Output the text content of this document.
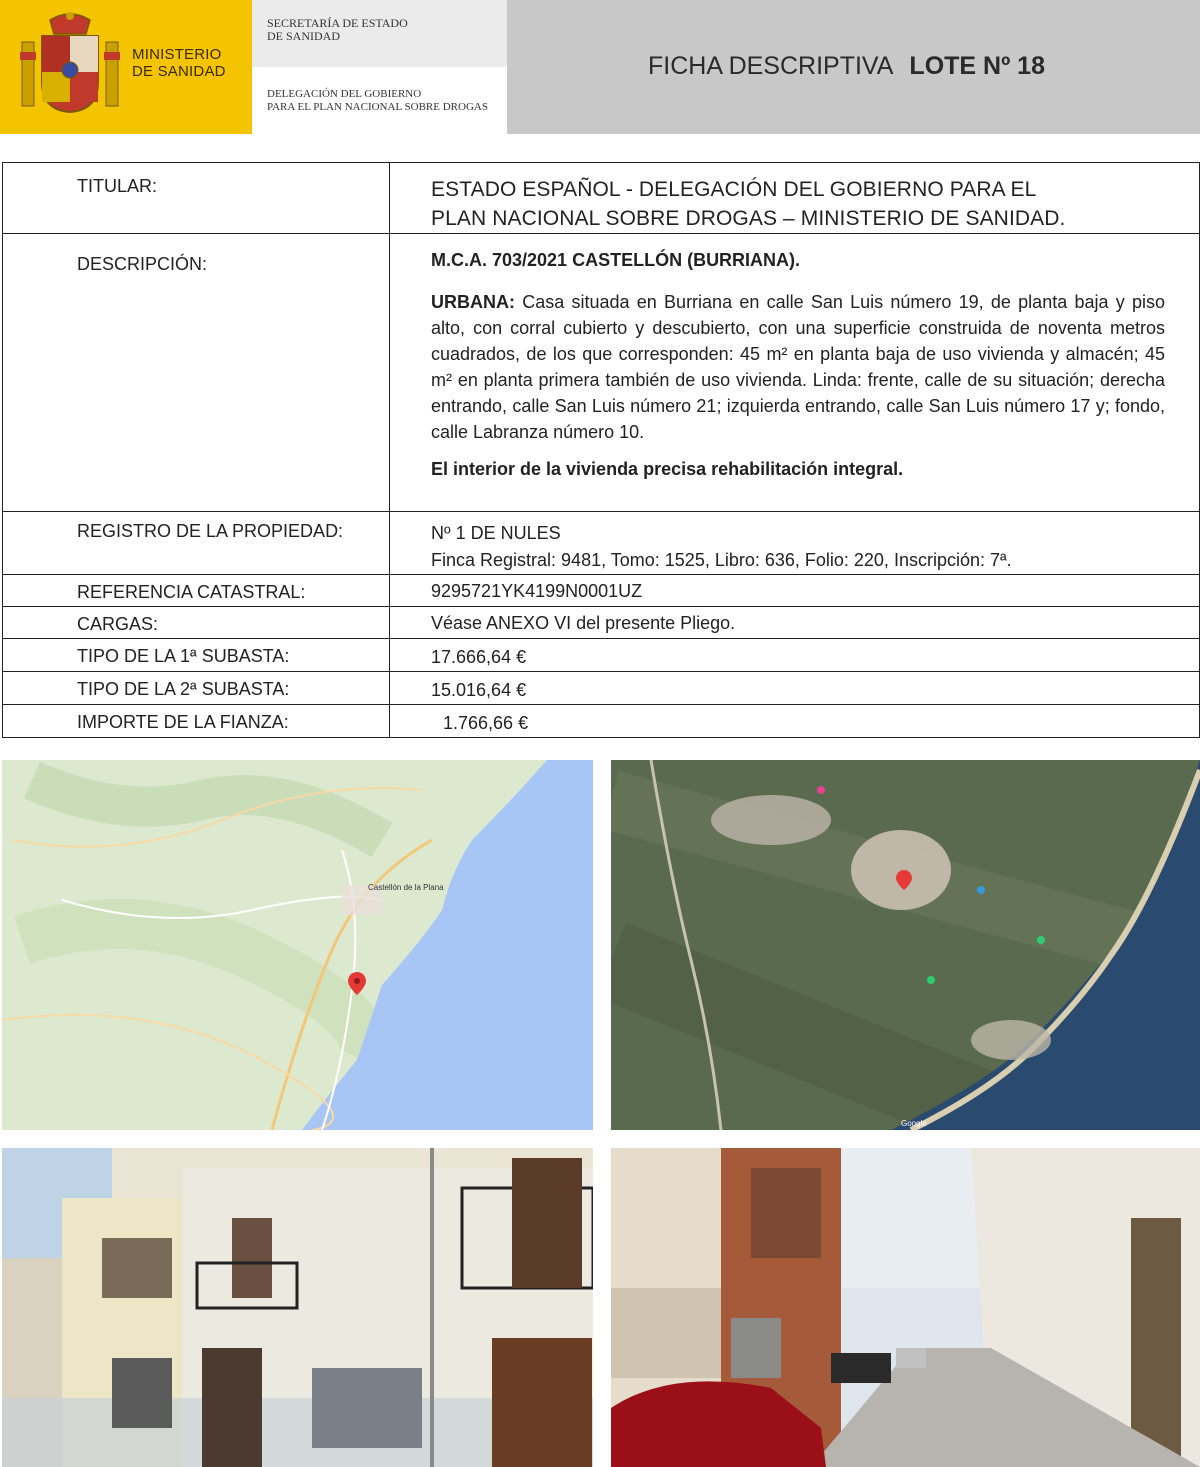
MINISTERIO
DE SANIDAD
SECRETARÍA DE ESTADO
DE SANIDAD
DELEGACIÓN DEL GOBIERNO
PARA EL PLAN NACIONAL SOBRE DROGAS
FICHA DESCRIPTIVA LOTE Nº 18
TITULAR:	ESTADO ESPAÑOL - DELEGACIÓN DEL GOBIERNO PARA EL
PLAN NACIONAL SOBRE DROGAS – MINISTERIO DE SANIDAD.

DESCRIPCIÓN:	M.C.A. 703/2021 CASTELLÓN (BURRIANA).
URBANA: Casa situada en Burriana en calle San Luis número 19, de planta baja y piso alto, con corral cubierto y descubierto, con una superficie construida de noventa metros cuadrados, de los que corresponden: 45 m² en planta baja de uso vivienda y almacén; 45 m² en planta primera también de uso vivienda. Linda: frente, calle de su situación; derecha entrando, calle San Luis número 21; izquierda entrando, calle San Luis número 17 y; fondo, calle Labranza número 10.
El interior de la vivienda precisa rehabilitación integral.

REGISTRO DE LA PROPIEDAD:	Nº 1 DE NULES
Finca Registral: 9481, Tomo: 1525, Libro: 636, Folio: 220, Inscripción: 7ª.

REFERENCIA CATASTRAL:	9295721YK4199N0001UZ

CARGAS:	Véase ANEXO VI del presente Pliego.

TIPO DE LA 1ª SUBASTA:	17.666,64 €

TIPO DE LA 2ª SUBASTA:	15.016,64 €

IMPORTE DE LA FIANZA:	1.766,66 €
Castellón de la Plana
Google
